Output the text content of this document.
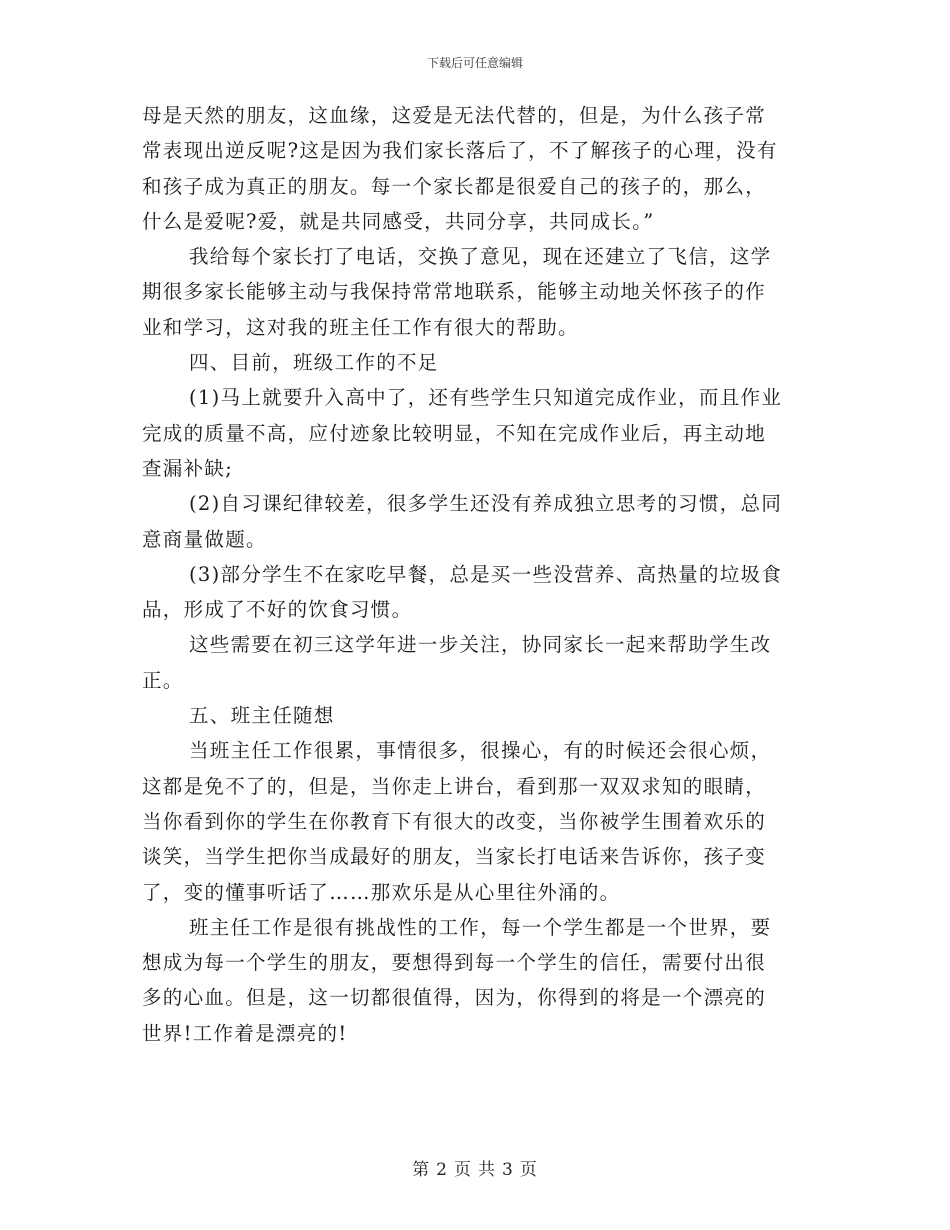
下载后可任意编辑
母是天然的朋友，这血缘，这爱是无法代替的，但是，为什么孩子常
常表现出逆反呢?这是因为我们家长落后了，不了解孩子的心理，没有
和孩子成为真正的朋友。每一个家长都是很爱自己的孩子的，那么，
什么是爱呢?爱，就是共同感受，共同分享，共同成长。”
我给每个家长打了电话，交换了意见，现在还建立了飞信，这学
期很多家长能够主动与我保持常常地联系，能够主动地关怀孩子的作
业和学习，这对我的班主任工作有很大的帮助。
四、目前，班级工作的不足
(1)马上就要升入高中了，还有些学生只知道完成作业，而且作业
完成的质量不高，应付迹象比较明显，不知在完成作业后，再主动地
查漏补缺;
(2)自习课纪律较差，很多学生还没有养成独立思考的习惯，总同
意商量做题。
(3)部分学生不在家吃早餐，总是买一些没营养、高热量的垃圾食
品，形成了不好的饮食习惯。
这些需要在初三这学年进一步关注，协同家长一起来帮助学生改
正。
五、班主任随想
当班主任工作很累，事情很多，很操心，有的时候还会很心烦，
这都是免不了的，但是，当你走上讲台，看到那一双双求知的眼睛，
当你看到你的学生在你教育下有很大的改变，当你被学生围着欢乐的
谈笑，当学生把你当成最好的朋友，当家长打电话来告诉你，孩子变
了，变的懂事听话了……那欢乐是从心里往外涌的。
班主任工作是很有挑战性的工作，每一个学生都是一个世界，要
想成为每一个学生的朋友，要想得到每一个学生的信任，需要付出很
多的心血。但是，这一切都很值得，因为，你得到的将是一个漂亮的
世界!工作着是漂亮的!
第 2 页 共 3 页
